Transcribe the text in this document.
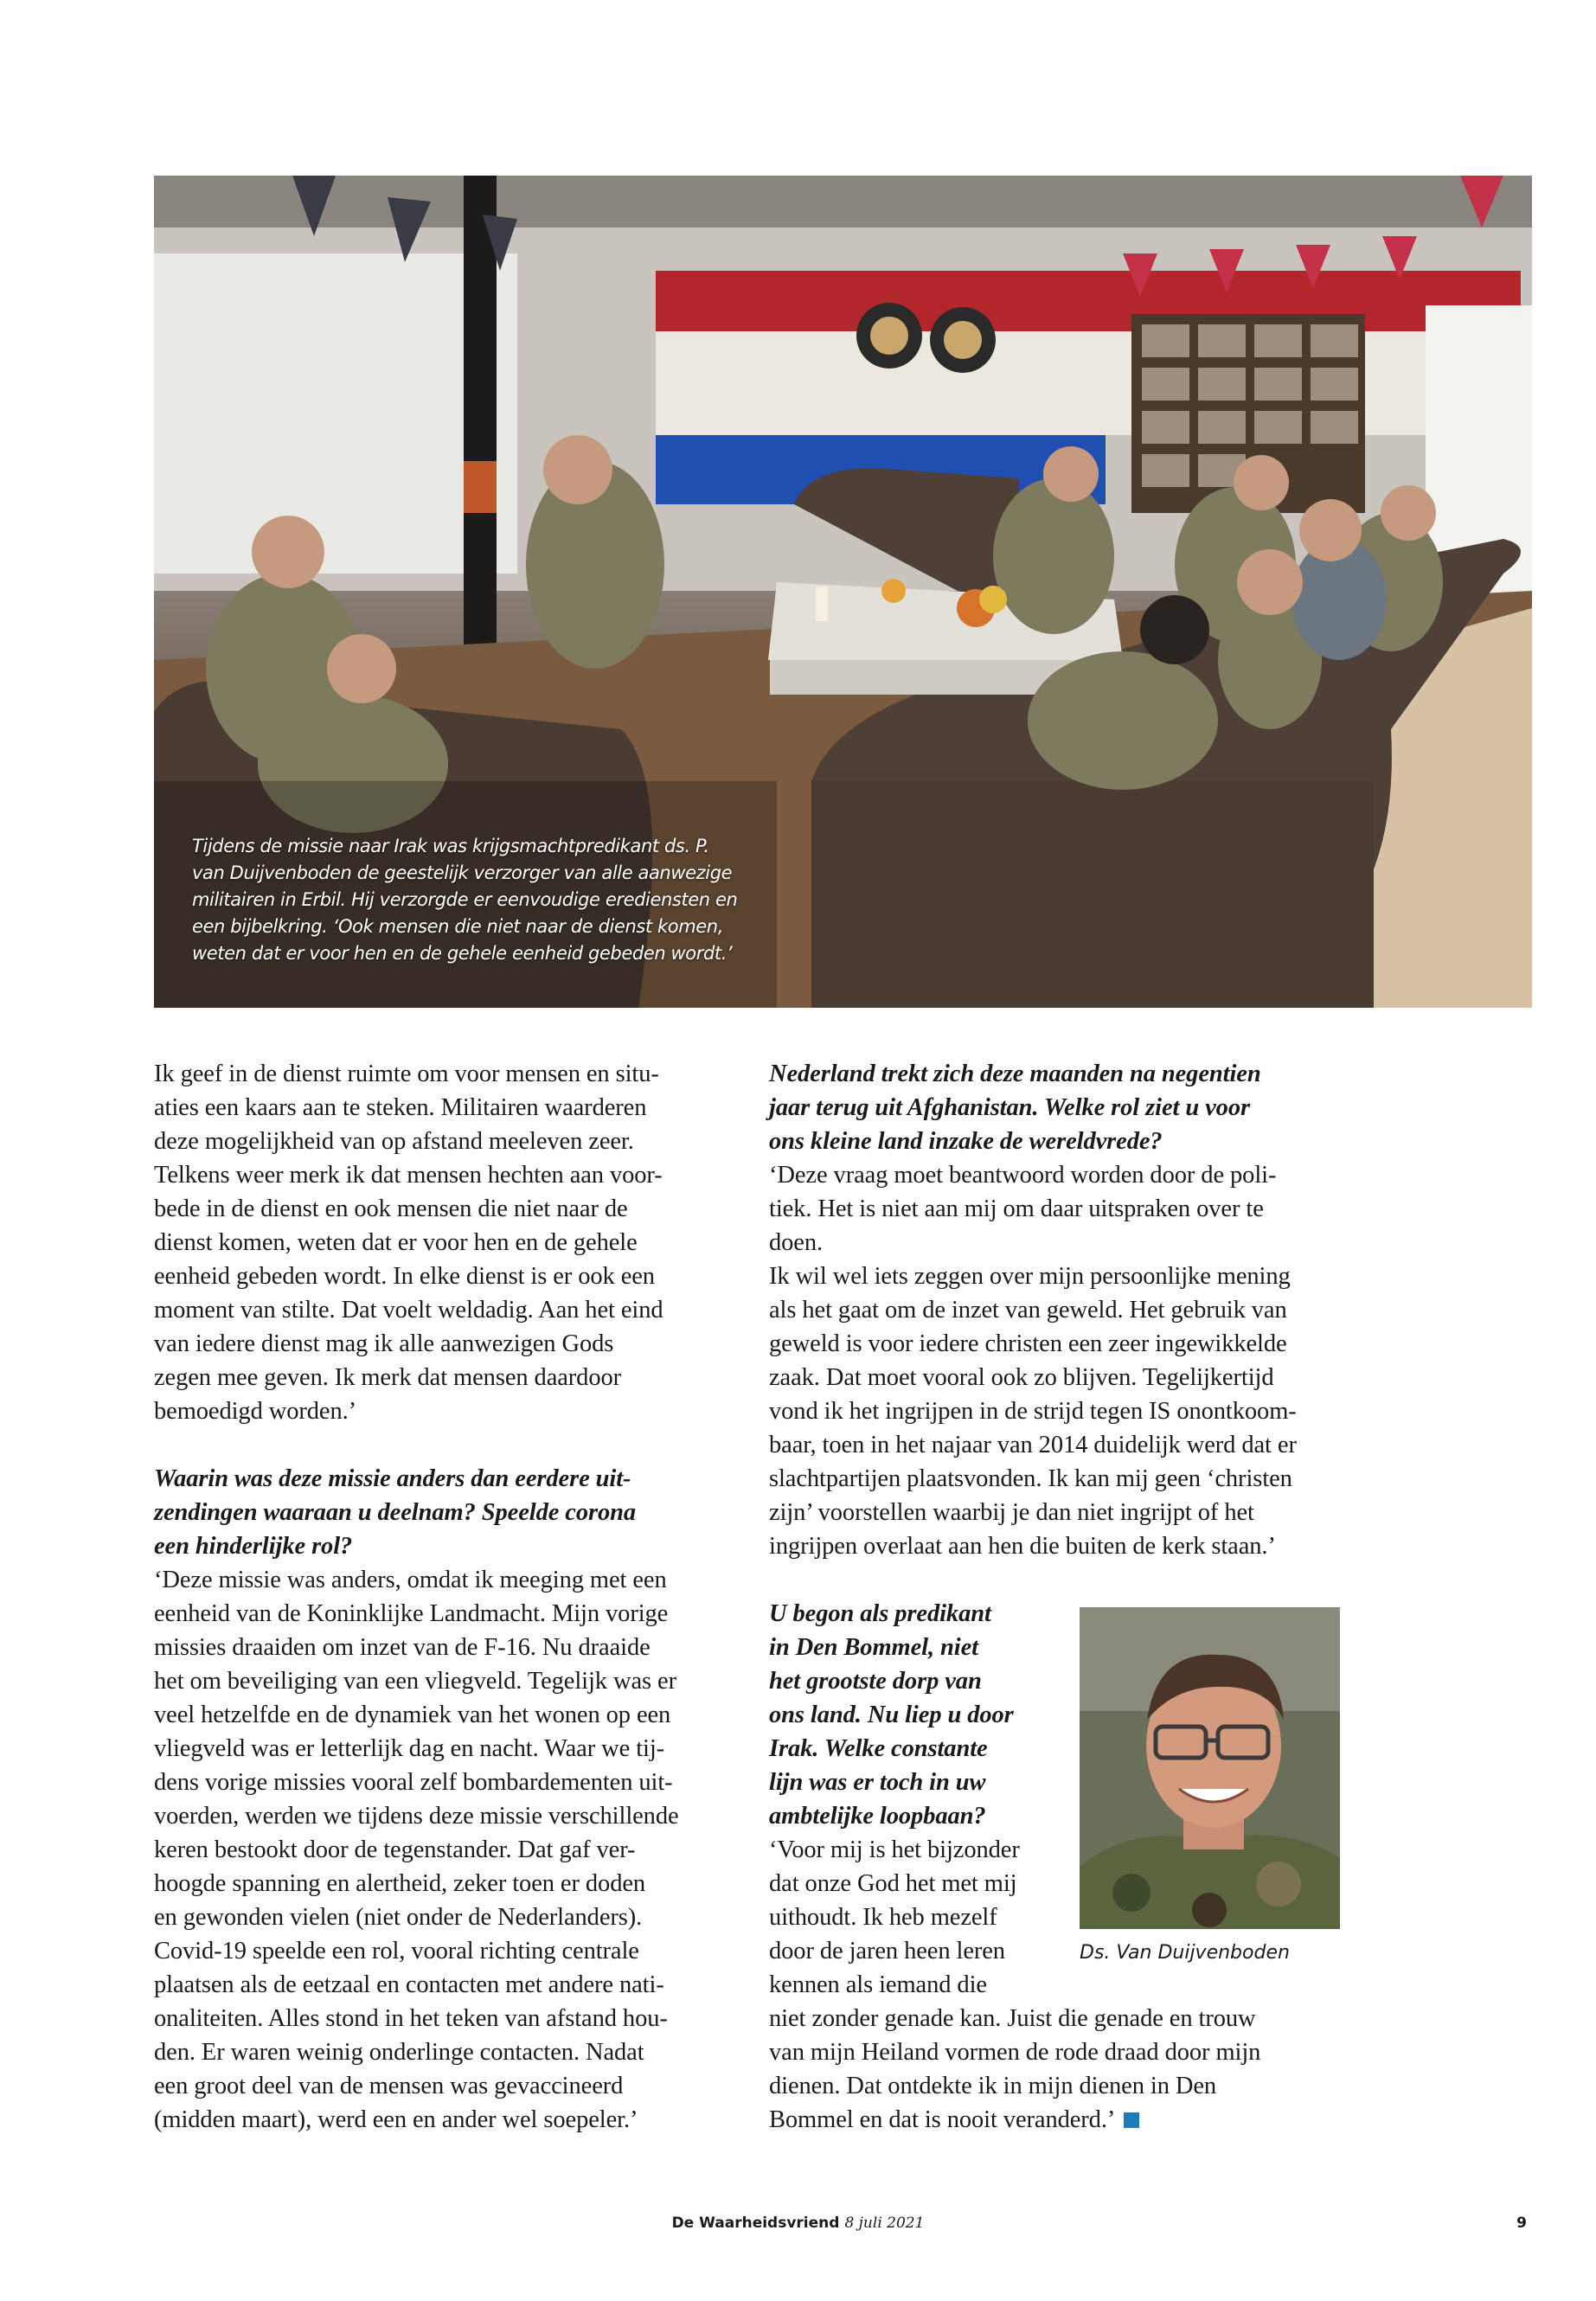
Tijdens de missie naar Irak was krijgsmachtpredikant ds. P.
van Duijvenboden de geestelijk verzorger van alle aanwezige
militairen in Erbil. Hij verzorgde er eenvoudige erediensten en
een bijbelkring. ‘Ook mensen die niet naar de dienst komen,
weten dat er voor hen en de gehele eenheid gebeden wordt.’
Ik geef in de dienst ruimte om voor mensen en situ-
aties een kaars aan te steken. Militairen waarderen
deze mogelijkheid van op afstand meeleven zeer.
Telkens weer merk ik dat mensen hechten aan voor-
bede in de dienst en ook mensen die niet naar de
dienst komen, weten dat er voor hen en de gehele
eenheid gebeden wordt. In elke dienst is er ook een
moment van stilte. Dat voelt weldadig. Aan het eind
van iedere dienst mag ik alle aanwezigen Gods
zegen mee geven. Ik merk dat mensen daardoor
bemoedigd worden.’
Waarin was deze missie anders dan eerdere uit-
zendingen waaraan u deelnam? Speelde corona
een hinderlijke rol?
‘Deze missie was anders, omdat ik meeging met een
eenheid van de Koninklijke Landmacht. Mijn vorige
missies draaiden om inzet van de F-16. Nu draaide
het om beveiliging van een vliegveld. Tegelijk was er
veel hetzelfde en de dynamiek van het wonen op een
vliegveld was er letterlijk dag en nacht. Waar we tij-
dens vorige missies vooral zelf bombardementen uit-
voerden, werden we tijdens deze missie verschillende
keren bestookt door de tegenstander. Dat gaf ver-
hoogde spanning en alertheid, zeker toen er doden
en gewonden vielen (niet onder de Nederlanders).
Covid-19 speelde een rol, vooral richting centrale
plaatsen als de eetzaal en contacten met andere nati-
onaliteiten. Alles stond in het teken van afstand hou-
den. Er waren weinig onderlinge contacten. Nadat
een groot deel van de mensen was gevaccineerd
(midden maart), werd een en ander wel soepeler.’
Nederland trekt zich deze maanden na negentien
jaar terug uit Afghanistan. Welke rol ziet u voor
ons kleine land inzake de wereldvrede?
‘Deze vraag moet beantwoord worden door de poli-
tiek. Het is niet aan mij om daar uitspraken over te
doen.
Ik wil wel iets zeggen over mijn persoonlijke mening
als het gaat om de inzet van geweld. Het gebruik van
geweld is voor iedere christen een zeer ingewikkelde
zaak. Dat moet vooral ook zo blijven. Tegelijkertijd
vond ik het ingrijpen in de strijd tegen IS onontkoom-
baar, toen in het najaar van 2014 duidelijk werd dat er
slachtpartijen plaatsvonden. Ik kan mij geen ‘christen
zijn’ voorstellen waarbij je dan niet ingrijpt of het
ingrijpen overlaat aan hen die buiten de kerk staan.’
U begon als predikant
in Den Bommel, niet
het grootste dorp van
ons land. Nu liep u door
Irak. Welke constante
lijn was er toch in uw
ambtelijke loopbaan?
‘Voor mij is het bijzonder
dat onze God het met mij
uithoudt. Ik heb mezelf
door de jaren heen leren
kennen als iemand die
niet zonder genade kan. Juist die genade en trouw
van mijn Heiland vormen de rode draad door mijn
dienen. Dat ontdekte ik in mijn dienen in Den
Bommel en dat is nooit veranderd.’
Ds. Van Duijvenboden
De Waarheidsvriend 8 juli 2021	9
